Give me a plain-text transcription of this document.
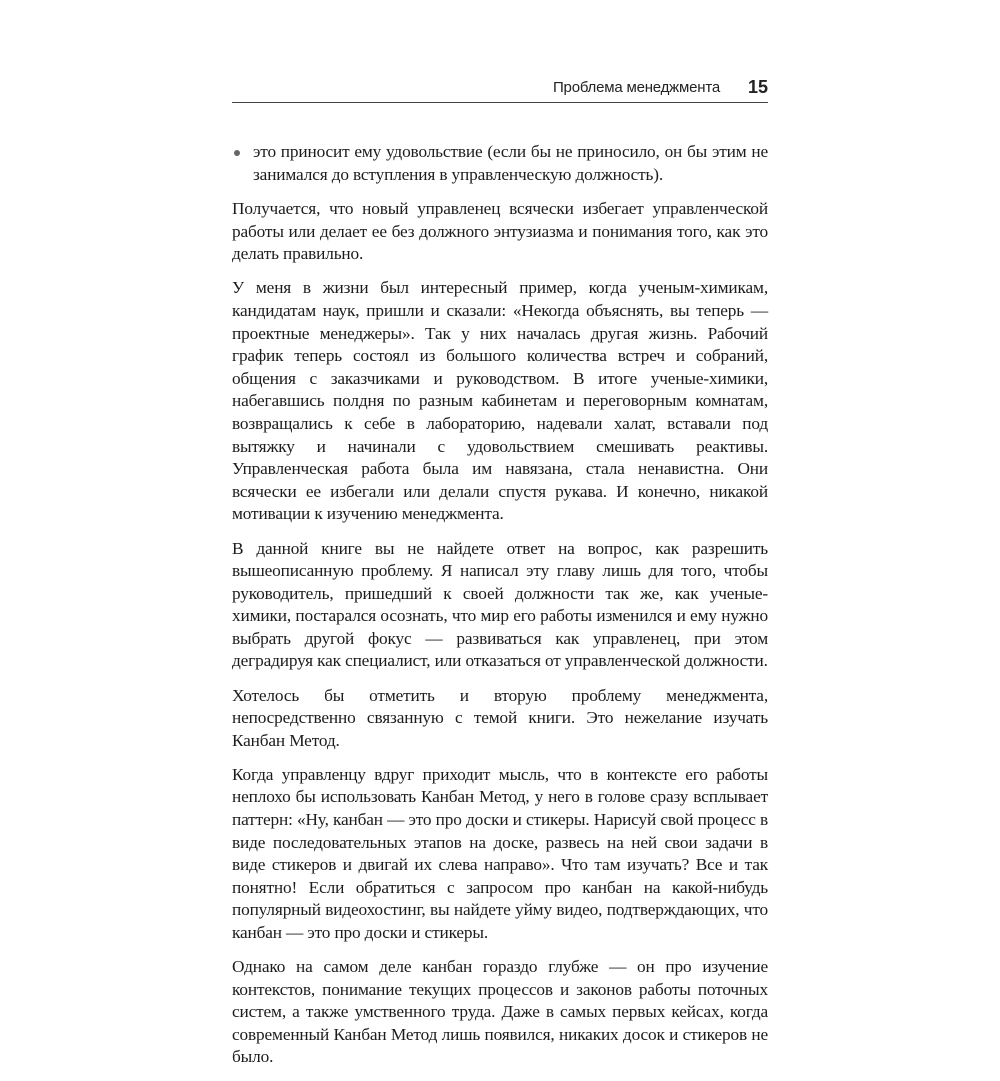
Проблема менеджмента 15
это приносит ему удовольствие (если бы не приносило, он бы этим не занимался до вступления в управленческую должность).

Получается, что новый управленец всячески избегает управленческой работы или делает ее без должного энтузиазма и понимания того, как это делать правильно.

У меня в жизни был интересный пример, когда ученым-химикам, кандидатам наук, пришли и сказали: «Некогда объяснять, вы теперь — проектные менеджеры». Так у них началась другая жизнь. Рабочий график теперь состоял из большого количества встреч и собраний, общения с заказчиками и руководством. В итоге ученые-химики, набегавшись полдня по разным кабинетам и переговорным комнатам, возвращались к себе в лабораторию, надевали халат, вставали под вытяжку и начинали с удовольствием смешивать реактивы. Управленческая работа была им навязана, стала ненавистна. Они всячески ее избегали или делали спустя рукава. И конечно, никакой мотивации к изучению менеджмента.

В данной книге вы не найдете ответ на вопрос, как разрешить вышеописанную проблему. Я написал эту главу лишь для того, чтобы руководитель, пришедший к своей должности так же, как ученые-химики, постарался осознать, что мир его работы изменился и ему нужно выбрать другой фокус — развиваться как управленец, при этом деградируя как специалист, или отказаться от управленческой должности.

Хотелось бы отметить и вторую проблему менеджмента, непосредственно связанную с темой книги. Это нежелание изучать Канбан Метод.

Когда управленцу вдруг приходит мысль, что в контексте его работы неплохо бы использовать Канбан Метод, у него в голове сразу всплывает паттерн: «Ну, канбан — это про доски и стикеры. Нарисуй свой процесс в виде последовательных этапов на доске, развесь на ней свои задачи в виде стикеров и двигай их слева направо». Что там изучать? Все и так понятно! Если обратиться с запросом про канбан на какой-нибудь популярный видеохостинг, вы найдете уйму видео, подтверждающих, что канбан — это про доски и стикеры.

Однако на самом деле канбан гораздо глубже — он про изучение контекстов, понимание текущих процессов и законов работы поточных систем, а также умственного труда. Даже в самых первых кейсах, когда современный Канбан Метод лишь появился, никаких досок и стикеров не было.
